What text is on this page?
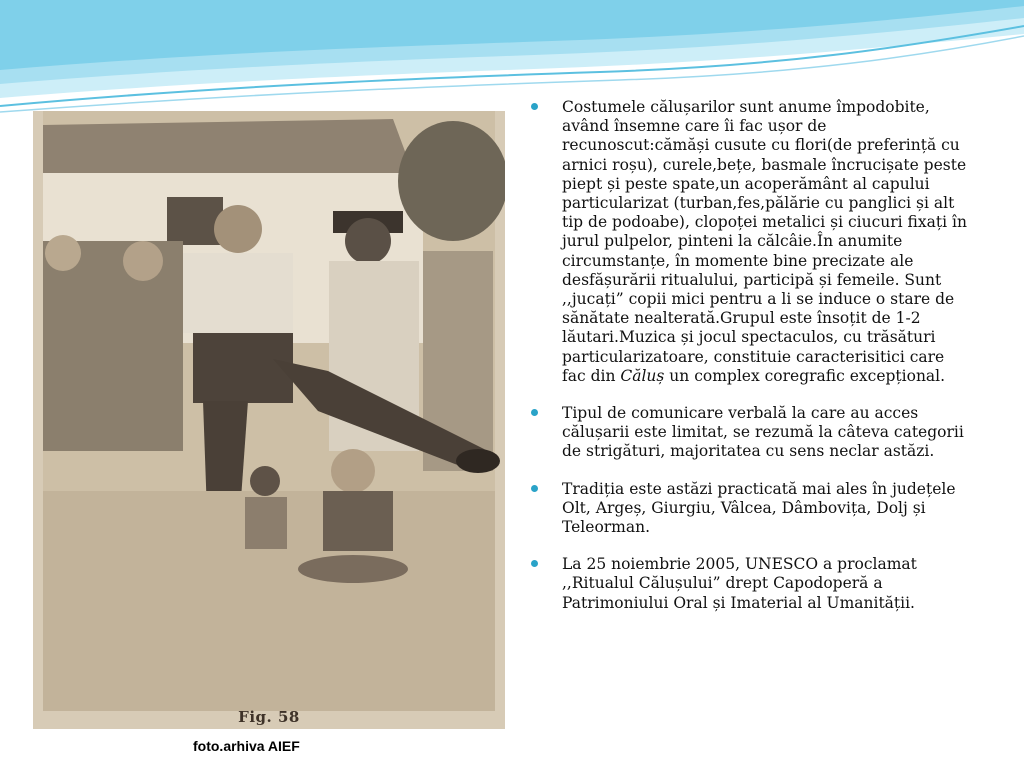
Fig. 58
foto.arhiva AIEF
Costumele călușarilor sunt anume împodobite, având însemne care îi fac ușor de recunoscut:cămăși cusute cu flori(de preferință cu arnici roșu), curele,bețe, basmale încrucișate peste piept și peste spate,un acoperământ al capului particularizat (turban,fes,pălărie cu panglici și alt tip de podoabe), clopoței metalici și ciucuri fixați în jurul pulpelor, pinteni la călcâie.În anumite circumstanțe, în momente bine precizate ale desfășurării ritualului, participă și femeile. Sunt ,,jucați” copii mici pentru a li se induce o stare de sănătate nealterată.Grupul este însoțit de 1-2 lăutari.Muzica și jocul spectaculos, cu trăsături particularizatoare, constituie caracterisitici care fac din Căluș un complex coregrafic excepțional.
Tipul de comunicare verbală la care au acces călușarii este limitat, se rezumă la câteva categorii de strigături, majoritatea cu sens neclar astăzi.
Tradiția este astăzi practicată mai ales în județele Olt, Argeș, Giurgiu, Vâlcea, Dâmbovița, Dolj și Teleorman.
La 25 noiembrie 2005, UNESCO a proclamat ,,Ritualul Călușului” drept Capodoperă a Patrimoniului Oral și Imaterial al Umanității.
